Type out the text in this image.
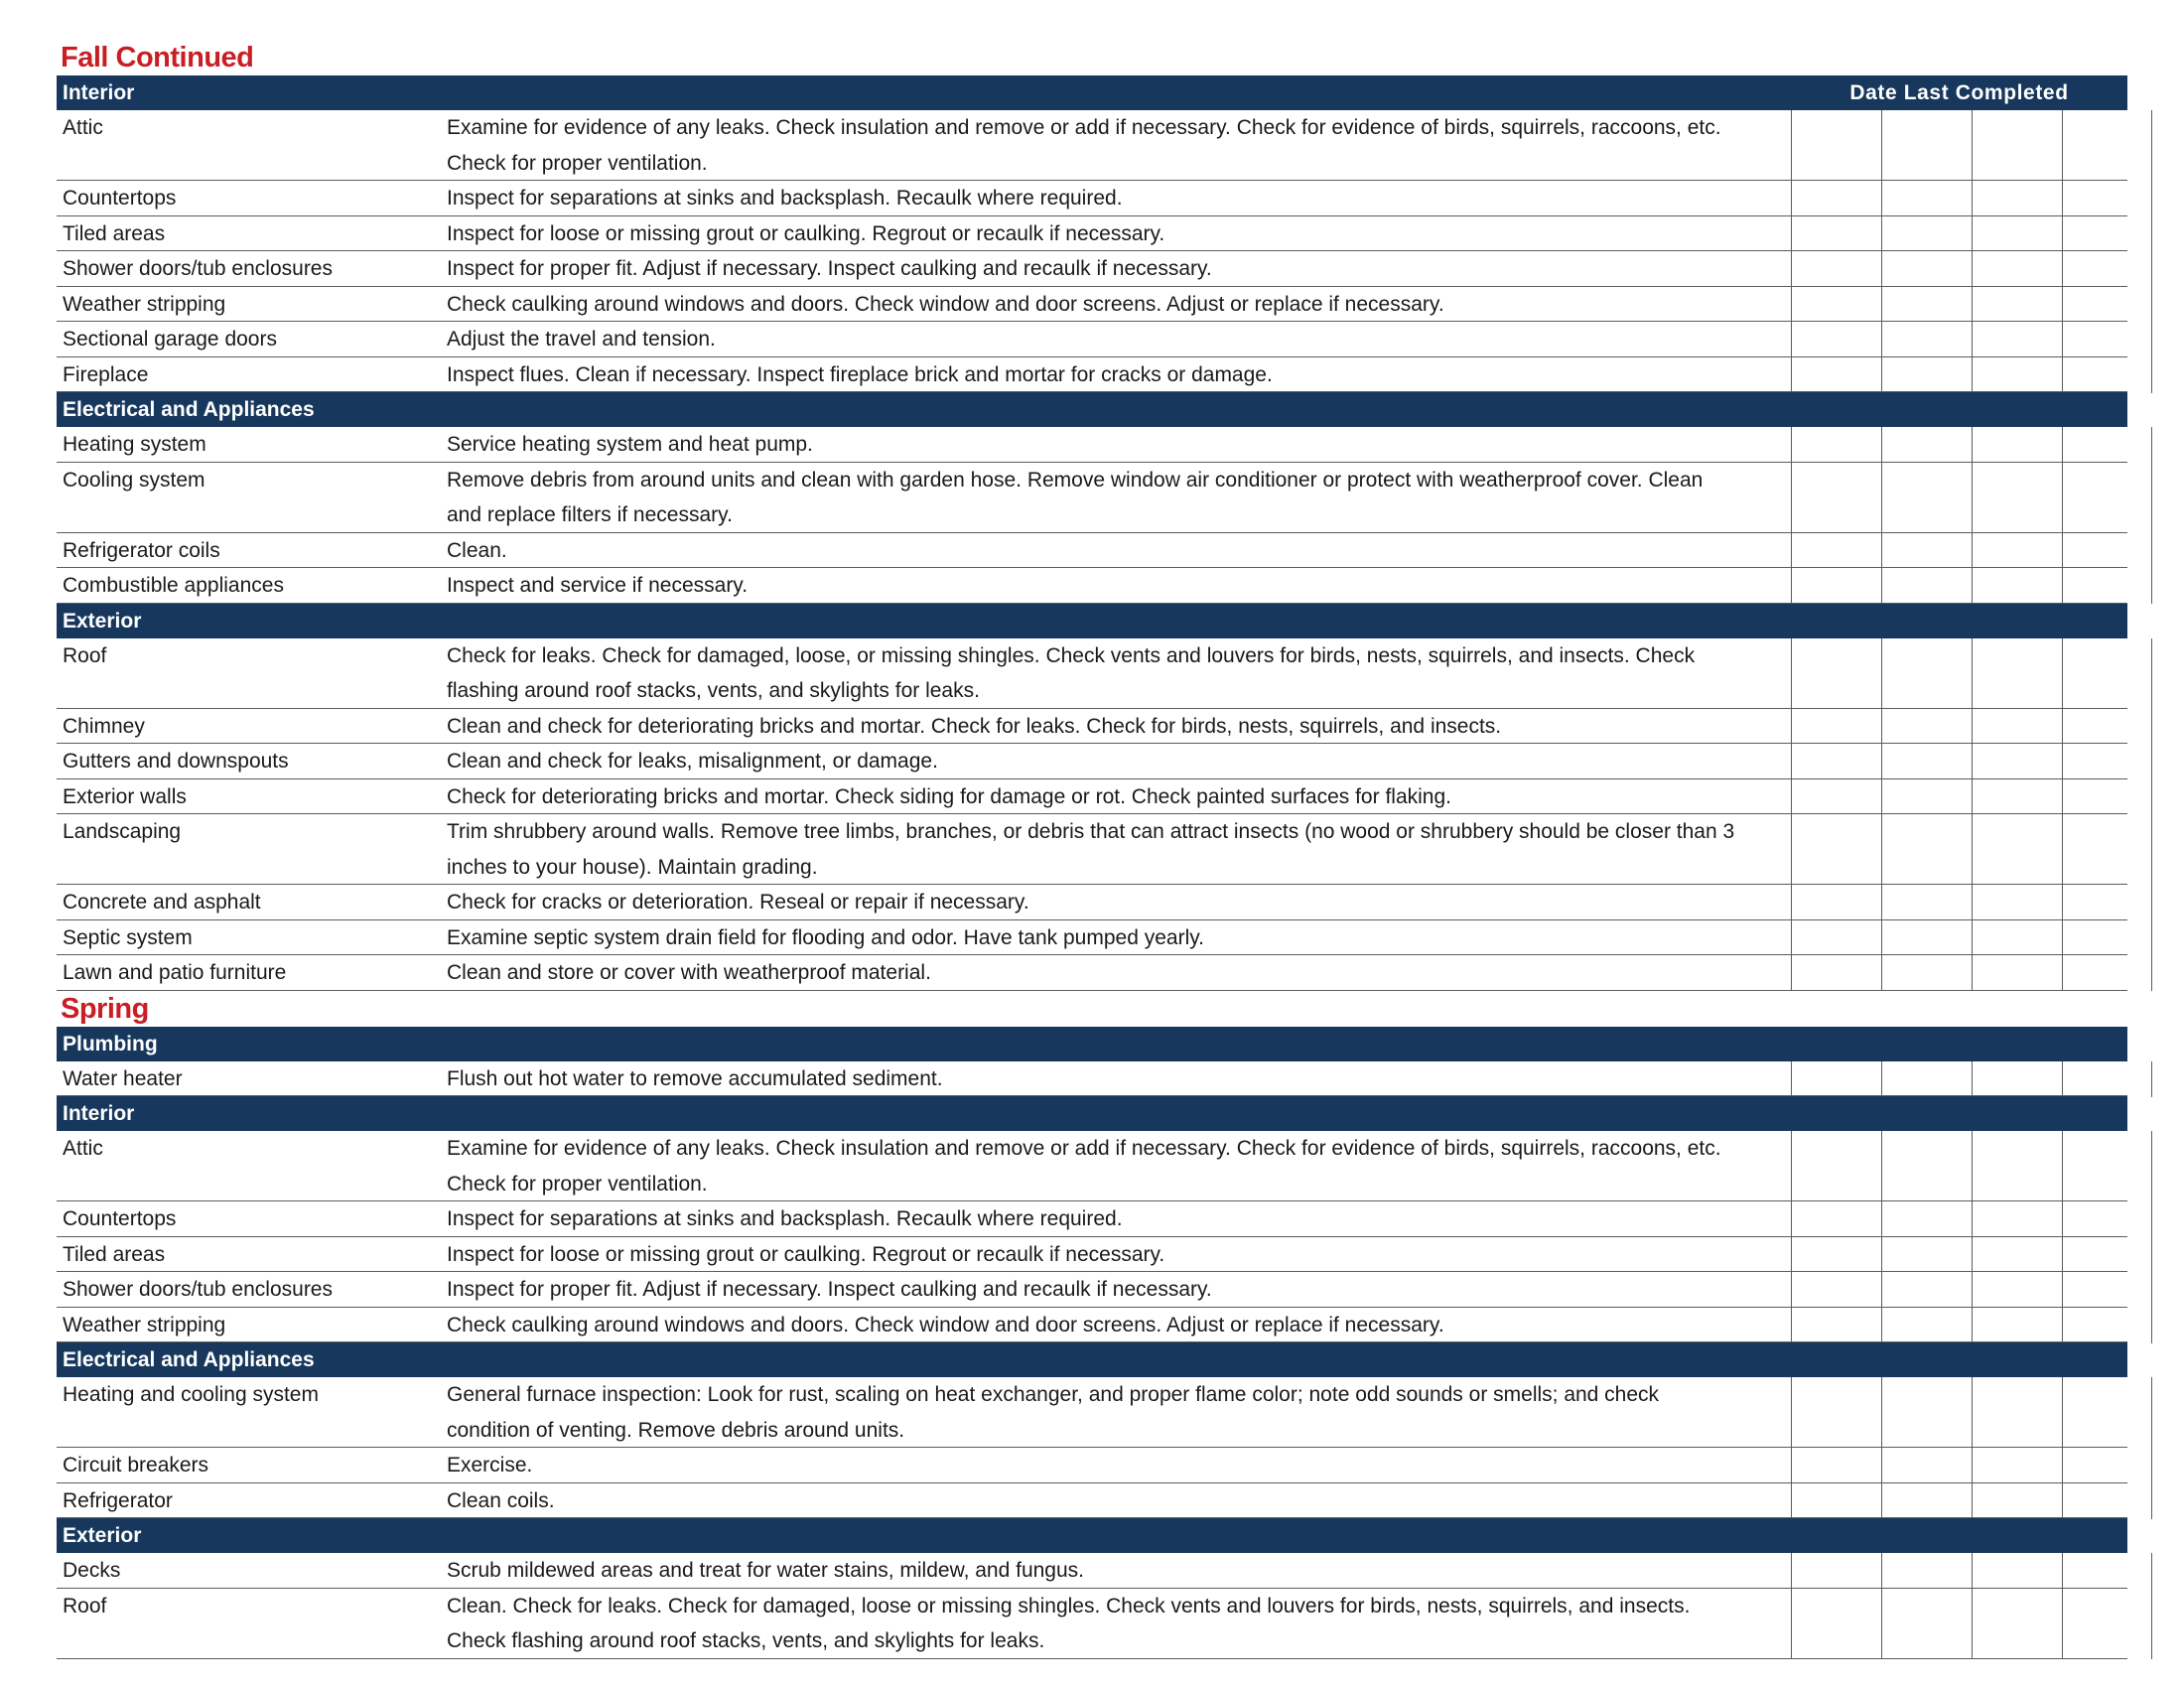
Fall Continued
Interior	Date Last Completed
Attic	Examine for evidence of any leaks. Check insulation and remove or add if necessary. Check for evidence of birds, squirrels, raccoons, etc. Check for proper ventilation.
Countertops	Inspect for separations at sinks and backsplash. Recaulk where required.
Tiled areas	Inspect for loose or missing grout or caulking. Regrout or recaulk if necessary.
Shower doors/tub enclosures	Inspect for proper fit. Adjust if necessary. Inspect caulking and recaulk if necessary.
Weather stripping	Check caulking around windows and doors. Check window and door screens. Adjust or replace if necessary.
Sectional garage doors	Adjust the travel and tension.
Fireplace	Inspect flues. Clean if necessary. Inspect fireplace brick and mortar for cracks or damage.
Electrical and Appliances
Heating system	Service heating system and heat pump.
Cooling system	Remove debris from around units and clean with garden hose. Remove window air conditioner or protect with weatherproof cover. Clean and replace filters if necessary.
Refrigerator coils	Clean.
Combustible appliances	Inspect and service if necessary.
Exterior
Roof	Check for leaks. Check for damaged, loose, or missing shingles. Check vents and louvers for birds, nests, squirrels, and insects. Check flashing around roof stacks, vents, and skylights for leaks.
Chimney	Clean and check for deteriorating bricks and mortar. Check for leaks. Check for birds, nests, squirrels, and insects.
Gutters and downspouts	Clean and check for leaks, misalignment, or damage.
Exterior walls	Check for deteriorating bricks and mortar. Check siding for damage or rot. Check painted surfaces for flaking.
Landscaping	Trim shrubbery around walls. Remove tree limbs, branches, or debris that can attract insects (no wood or shrubbery should be closer than 3 inches to your house). Maintain grading.
Concrete and asphalt	Check for cracks or deterioration. Reseal or repair if necessary.
Septic system	Examine septic system drain field for flooding and odor. Have tank pumped yearly.
Lawn and patio furniture	Clean and store or cover with weatherproof material.
Spring
Plumbing
Water heater	Flush out hot water to remove accumulated sediment.
Interior
Attic	Examine for evidence of any leaks. Check insulation and remove or add if necessary. Check for evidence of birds, squirrels, raccoons, etc. Check for proper ventilation.
Countertops	Inspect for separations at sinks and backsplash. Recaulk where required.
Tiled areas	Inspect for loose or missing grout or caulking. Regrout or recaulk if necessary.
Shower doors/tub enclosures	Inspect for proper fit. Adjust if necessary. Inspect caulking and recaulk if necessary.
Weather stripping	Check caulking around windows and doors. Check window and door screens. Adjust or replace if necessary.
Electrical and Appliances
Heating and cooling system	General furnace inspection: Look for rust, scaling on heat exchanger, and proper flame color; note odd sounds or smells; and check condition of venting. Remove debris around units.
Circuit breakers	Exercise.
Refrigerator	Clean coils.
Exterior
Decks	Scrub mildewed areas and treat for water stains, mildew, and fungus.
Roof	Clean. Check for leaks. Check for damaged, loose or missing shingles. Check vents and louvers for birds, nests, squirrels, and insects. Check flashing around roof stacks, vents, and skylights for leaks.
